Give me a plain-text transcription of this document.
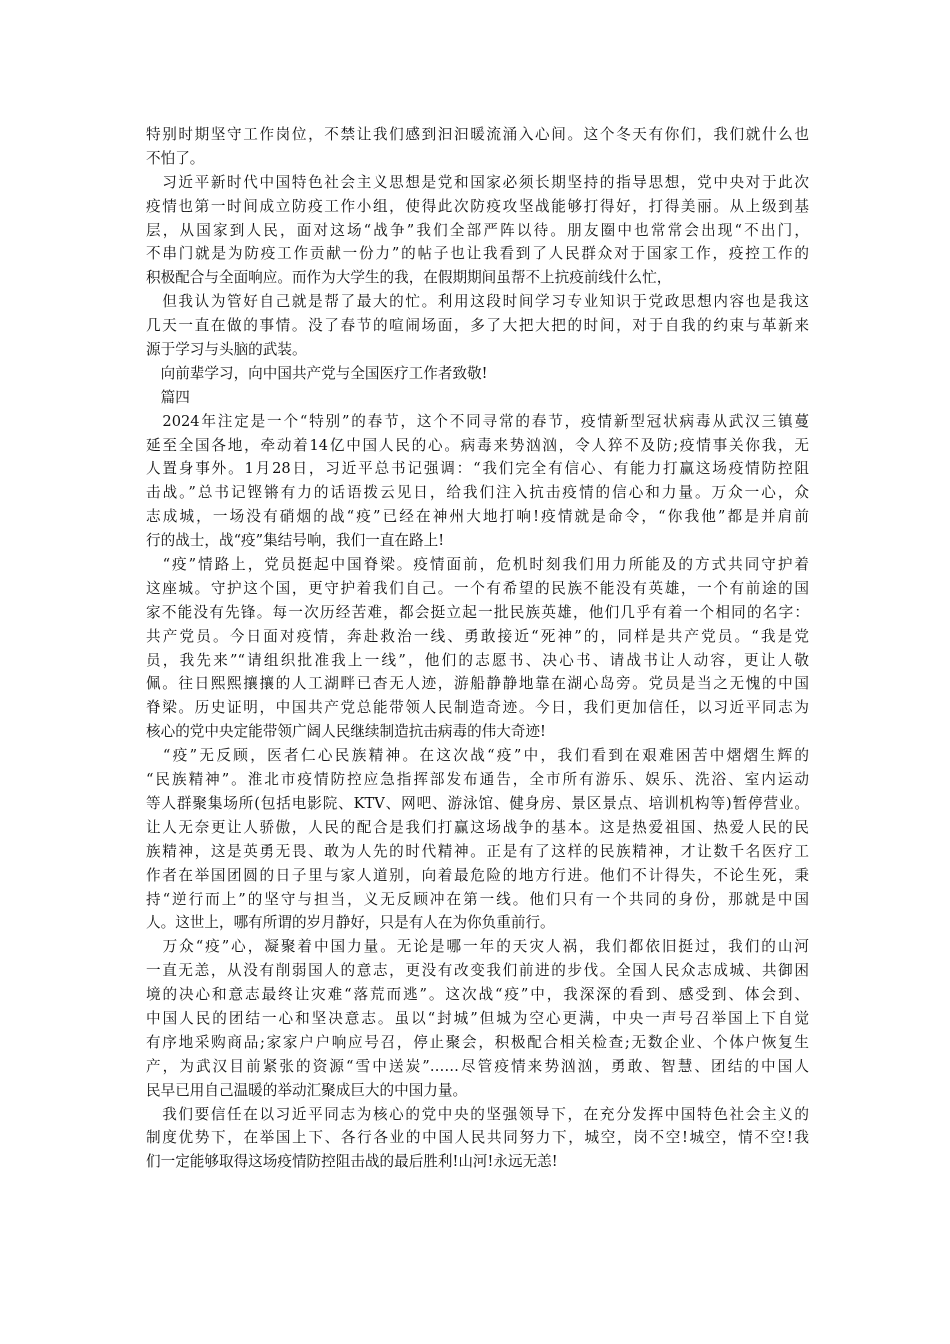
特别时期坚守工作岗位，不禁让我们感到汩汩暖流涌入心间。这个冬天有你们，我们就什么也
不怕了。
　习近平新时代中国特色社会主义思想是党和国家必须长期坚持的指导思想，党中央对于此次
疫情也第一时间成立防疫工作小组，使得此次防疫攻坚战能够打得好，打得美丽。从上级到基
层，从国家到人民，面对这场“战争”我们全部严阵以待。朋友圈中也常常会出现“不出门，
不串门就是为防疫工作贡献一份力”的帖子也让我看到了人民群众对于国家工作，疫控工作的
积极配合与全面响应。而作为大学生的我，在假期期间虽帮不上抗疫前线什么忙，
　但我认为管好自己就是帮了最大的忙。利用这段时间学习专业知识于党政思想内容也是我这
几天一直在做的事情。没了春节的喧闹场面，多了大把大把的时间，对于自我的约束与革新来
源于学习与头脑的武装。
　向前辈学习，向中国共产党与全国医疗工作者致敬!
　篇四
　2024年注定是一个“特别”的春节，这个不同寻常的春节，疫情新型冠状病毒从武汉三镇蔓
延至全国各地，牵动着14亿中国人民的心。病毒来势汹汹，令人猝不及防;疫情事关你我，无
人置身事外。1月28日，习近平总书记强调：“我们完全有信心、有能力打赢这场疫情防控阻
击战。”总书记铿锵有力的话语拨云见日，给我们注入抗击疫情的信心和力量。万众一心，众
志成城，一场没有硝烟的战“疫”已经在神州大地打响!疫情就是命令，“你我他”都是并肩前
行的战士，战“疫”集结号响，我们一直在路上!
　“疫”情路上，党员挺起中国脊梁。疫情面前，危机时刻我们用力所能及的方式共同守护着
这座城。守护这个国，更守护着我们自己。一个有希望的民族不能没有英雄，一个有前途的国
家不能没有先锋。每一次历经苦难，都会挺立起一批民族英雄，他们几乎有着一个相同的名字：
共产党员。今日面对疫情，奔赴救治一线、勇敢接近“死神”的，同样是共产党员。“我是党
员，我先来”“请组织批准我上一线”，他们的志愿书、决心书、请战书让人动容，更让人敬
佩。往日熙熙攘攘的人工湖畔已杳无人迹，游船静静地靠在湖心岛旁。党员是当之无愧的中国
脊梁。历史证明，中国共产党总能带领人民制造奇迹。今日，我们更加信任，以习近平同志为
核心的党中央定能带领广阔人民继续制造抗击病毒的伟大奇迹!
　“疫”无反顾，医者仁心民族精神。在这次战“疫”中，我们看到在艰难困苦中熠熠生辉的
“民族精神”。淮北市疫情防控应急指挥部发布通告，全市所有游乐、娱乐、洗浴、室内运动
等人群聚集场所(包括电影院、KTV、网吧、游泳馆、健身房、景区景点、培训机构等)暂停营业。
让人无奈更让人骄傲，人民的配合是我们打赢这场战争的基本。这是热爱祖国、热爱人民的民
族精神，这是英勇无畏、敢为人先的时代精神。正是有了这样的民族精神，才让数千名医疗工
作者在举国团圆的日子里与家人道别，向着最危险的地方行进。他们不计得失，不论生死，秉
持“逆行而上”的坚守与担当，义无反顾冲在第一线。他们只有一个共同的身份，那就是中国
人。这世上，哪有所谓的岁月静好，只是有人在为你负重前行。
　万众“疫”心，凝聚着中国力量。无论是哪一年的天灾人祸，我们都依旧挺过，我们的山河
一直无恙，从没有削弱国人的意志，更没有改变我们前进的步伐。全国人民众志成城、共御困
境的决心和意志最终让灾难“落荒而逃”。这次战“疫”中，我深深的看到、感受到、体会到、
中国人民的团结一心和坚决意志。虽以“封城”但城为空心更满，中央一声号召举国上下自觉
有序地采购商品;家家户户响应号召，停止聚会，积极配合相关检查;无数企业、个体户恢复生
产，为武汉目前紧张的资源“雪中送炭”……尽管疫情来势汹汹，勇敢、智慧、团结的中国人
民早已用自己温暖的举动汇聚成巨大的中国力量。
　我们要信任在以习近平同志为核心的党中央的坚强领导下，在充分发挥中国特色社会主义的
制度优势下，在举国上下、各行各业的中国人民共同努力下，城空，岗不空!城空，情不空!我
们一定能够取得这场疫情防控阻击战的最后胜利!山河!永远无恙!
